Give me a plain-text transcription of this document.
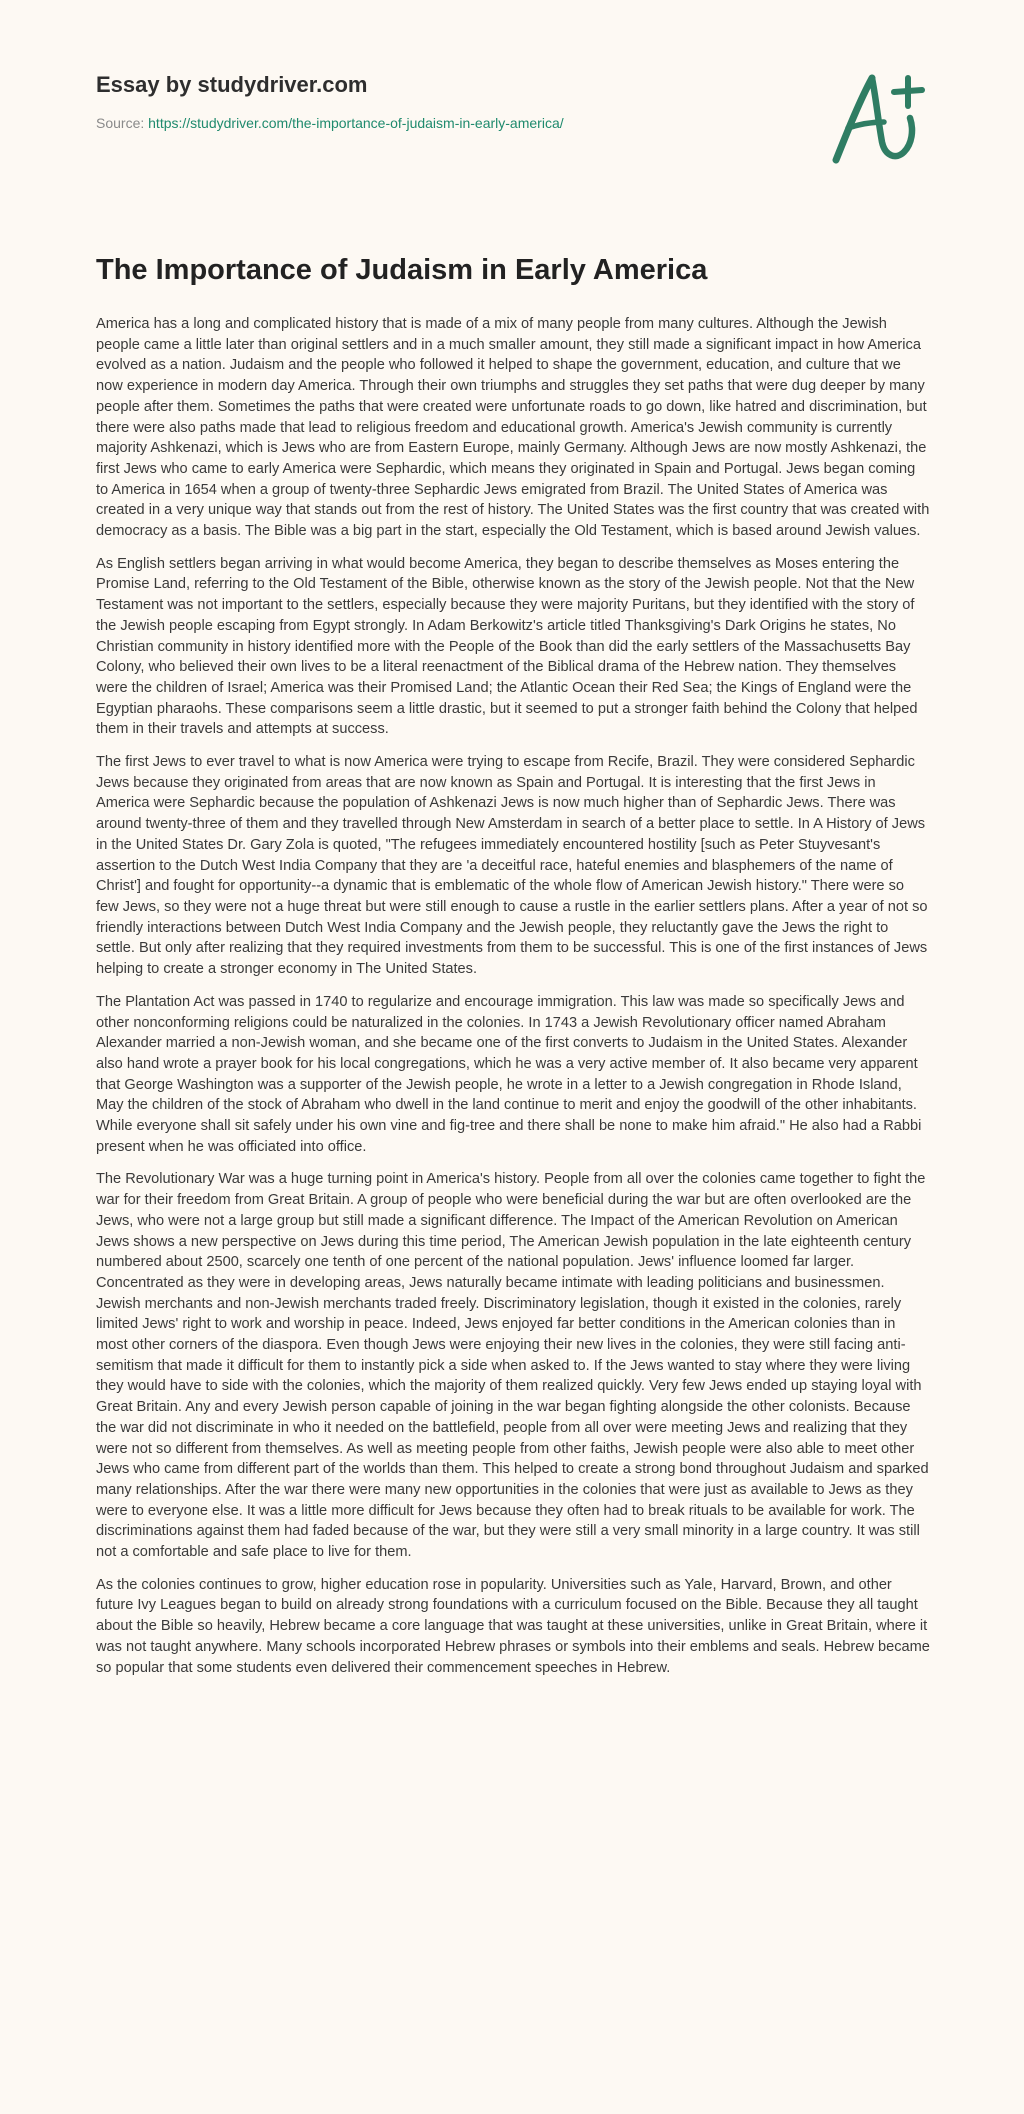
Essay by studydriver.com
Source: https://studydriver.com/the-importance-of-judaism-in-early-america/
The Importance of Judaism in Early America

America has a long and complicated history that is made of a mix of many people from many cultures. Although the Jewish people came a little later than original settlers and in a much smaller amount, they still made a significant impact in how America evolved as a nation. Judaism and the people who followed it helped to shape the government, education, and culture that we now experience in modern day America. Through their own triumphs and struggles they set paths that were dug deeper by many people after them. Sometimes the paths that were created were unfortunate roads to go down, like hatred and discrimination, but there were also paths made that lead to religious freedom and educational growth. America's Jewish community is currently majority Ashkenazi, which is Jews who are from Eastern Europe, mainly Germany. Although Jews are now mostly Ashkenazi, the first Jews who came to early America were Sephardic, which means they originated in Spain and Portugal. Jews began coming to America in 1654 when a group of twenty-three Sephardic Jews emigrated from Brazil. The United States of America was created in a very unique way that stands out from the rest of history. The United States was the first country that was created with democracy as a basis. The Bible was a big part in the start, especially the Old Testament, which is based around Jewish values.

As English settlers began arriving in what would become America, they began to describe themselves as Moses entering the Promise Land, referring to the Old Testament of the Bible, otherwise known as the story of the Jewish people. Not that the New Testament was not important to the settlers, especially because they were majority Puritans, but they identified with the story of the Jewish people escaping from Egypt strongly. In Adam Berkowitz's article titled Thanksgiving's Dark Origins he states, No Christian community in history identified more with the People of the Book than did the early settlers of the Massachusetts Bay Colony, who believed their own lives to be a literal reenactment of the Biblical drama of the Hebrew nation. They themselves were the children of Israel; America was their Promised Land; the Atlantic Ocean their Red Sea; the Kings of England were the Egyptian pharaohs. These comparisons seem a little drastic, but it seemed to put a stronger faith behind the Colony that helped them in their travels and attempts at success.

The first Jews to ever travel to what is now America were trying to escape from Recife, Brazil. They were considered Sephardic Jews because they originated from areas that are now known as Spain and Portugal. It is interesting that the first Jews in America were Sephardic because the population of Ashkenazi Jews is now much higher than of Sephardic Jews. There was around twenty-three of them and they travelled through New Amsterdam in search of a better place to settle. In A History of Jews in the United States Dr. Gary Zola is quoted, "The refugees immediately encountered hostility [such as Peter Stuyvesant's assertion to the Dutch West India Company that they are 'a deceitful race, hateful enemies and blasphemers of the name of Christ'] and fought for opportunity--a dynamic that is emblematic of the whole flow of American Jewish history." There were so few Jews, so they were not a huge threat but were still enough to cause a rustle in the earlier settlers plans. After a year of not so friendly interactions between Dutch West India Company and the Jewish people, they reluctantly gave the Jews the right to settle. But only after realizing that they required investments from them to be successful. This is one of the first instances of Jews helping to create a stronger economy in The United States.

The Plantation Act was passed in 1740 to regularize and encourage immigration. This law was made so specifically Jews and other nonconforming religions could be naturalized in the colonies. In 1743 a Jewish Revolutionary officer named Abraham Alexander married a non-Jewish woman, and she became one of the first converts to Judaism in the United States. Alexander also hand wrote a prayer book for his local congregations, which he was a very active member of. It also became very apparent that George Washington was a supporter of the Jewish people, he wrote in a letter to a Jewish congregation in Rhode Island, May the children of the stock of Abraham who dwell in the land continue to merit and enjoy the goodwill of the other inhabitants. While everyone shall sit safely under his own vine and fig-tree and there shall be none to make him afraid." He also had a Rabbi present when he was officiated into office.

The Revolutionary War was a huge turning point in America's history. People from all over the colonies came together to fight the war for their freedom from Great Britain. A group of people who were beneficial during the war but are often overlooked are the Jews, who were not a large group but still made a significant difference. The Impact of the American Revolution on American Jews shows a new perspective on Jews during this time period, The American Jewish population in the late eighteenth century numbered about 2500, scarcely one tenth of one percent of the national population. Jews' influence loomed far larger. Concentrated as they were in developing areas, Jews naturally became intimate with leading politicians and businessmen. Jewish merchants and non-Jewish merchants traded freely. Discriminatory legislation, though it existed in the colonies, rarely limited Jews' right to work and worship in peace. Indeed, Jews enjoyed far better conditions in the American colonies than in most other corners of the diaspora. Even though Jews were enjoying their new lives in the colonies, they were still facing anti-semitism that made it difficult for them to instantly pick a side when asked to. If the Jews wanted to stay where they were living they would have to side with the colonies, which the majority of them realized quickly. Very few Jews ended up staying loyal with Great Britain. Any and every Jewish person capable of joining in the war began fighting alongside the other colonists. Because the war did not discriminate in who it needed on the battlefield, people from all over were meeting Jews and realizing that they were not so different from themselves. As well as meeting people from other faiths, Jewish people were also able to meet other Jews who came from different part of the worlds than them. This helped to create a strong bond throughout Judaism and sparked many relationships. After the war there were many new opportunities in the colonies that were just as available to Jews as they were to everyone else. It was a little more difficult for Jews because they often had to break rituals to be available for work. The discriminations against them had faded because of the war, but they were still a very small minority in a large country. It was still not a comfortable and safe place to live for them.

As the colonies continues to grow, higher education rose in popularity. Universities such as Yale, Harvard, Brown, and other future Ivy Leagues began to build on already strong foundations with a curriculum focused on the Bible. Because they all taught about the Bible so heavily, Hebrew became a core language that was taught at these universities, unlike in Great Britain, where it was not taught anywhere. Many schools incorporated Hebrew phrases or symbols into their emblems and seals. Hebrew became so popular that some students even delivered their commencement speeches in Hebrew.
